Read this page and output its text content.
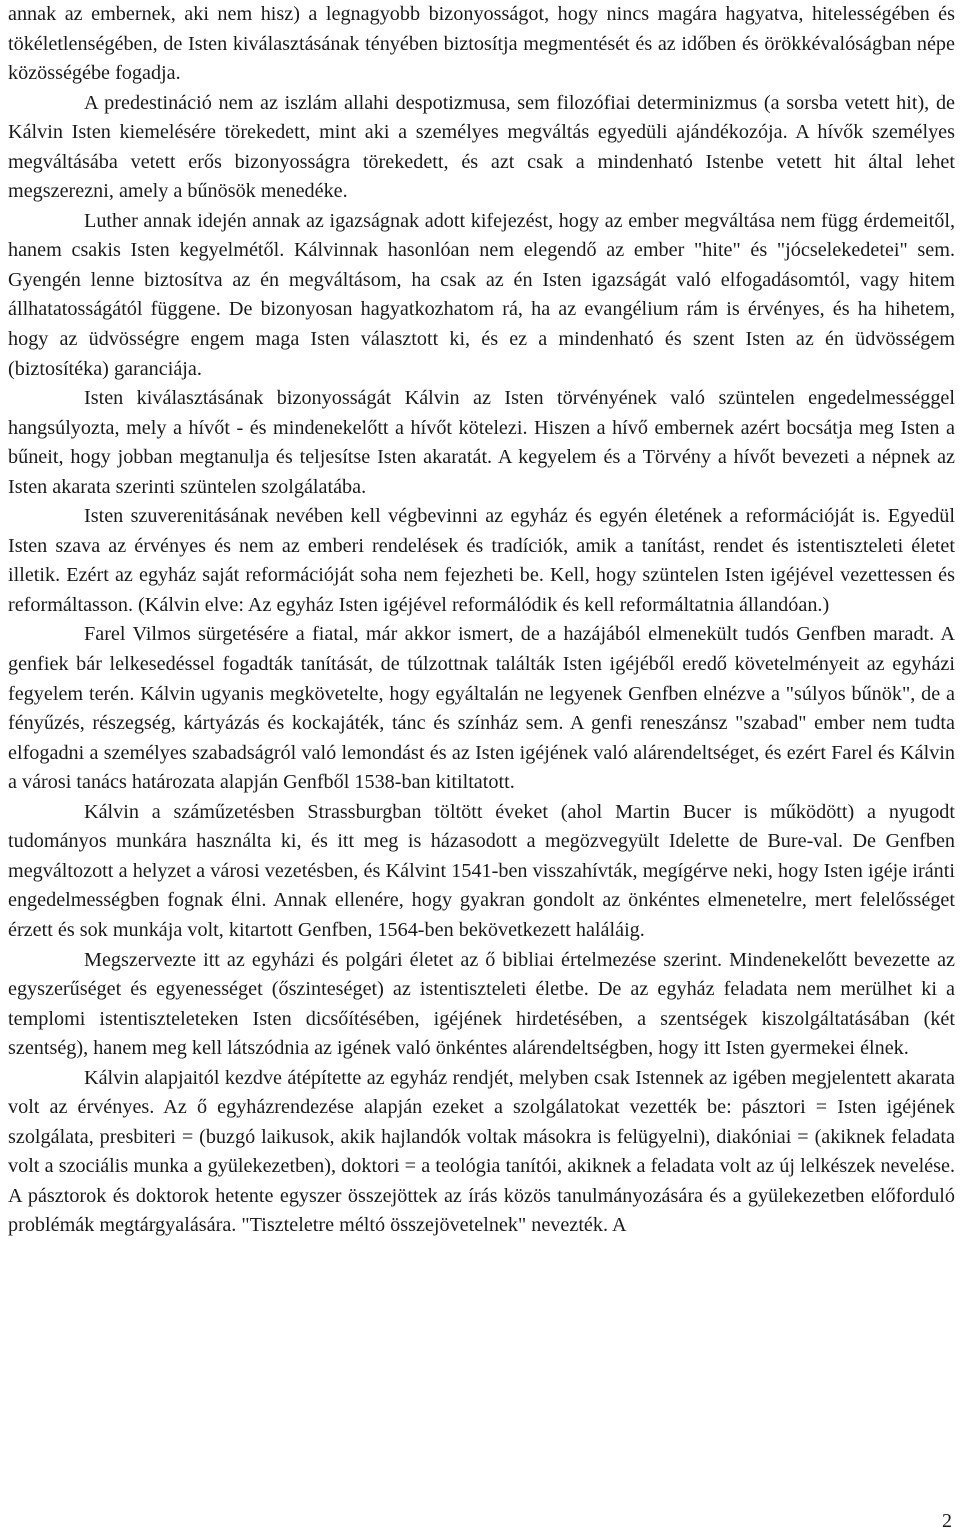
annak az embernek, aki nem hisz) a legnagyobb bizonyosságot, hogy nincs magára hagyatva, hitelességében és tökéletlenségében, de Isten kiválasztásának tényében biztosítja megmentését és az időben és örökkévalóságban népe közösségébe fogadja.

A predestináció nem az iszlám allahi despotizmusa, sem filozófiai determinizmus (a sorsba vetett hit), de Kálvin Isten kiemelésére törekedett, mint aki a személyes megváltás egyedüli ajándékozója. A hívők személyes megváltásába vetett erős bizonyosságra törekedett, és azt csak a mindenható Istenbe vetett hit által lehet megszerezni, amely a bűnösök menedéke.

Luther annak idején annak az igazságnak adott kifejezést, hogy az ember megváltása nem függ érdemeitől, hanem csakis Isten kegyelmétől. Kálvinnak hasonlóan nem elegendő az ember "hite" és "jócselekedetei" sem. Gyengén lenne biztosítva az én megváltásom, ha csak az én Isten igazságát való elfogadásomtól, vagy hitem állhatatosságától függene. De bizonyosan hagyatkozhatom rá, ha az evangélium rám is érvényes, és ha hihetem, hogy az üdvösségre engem maga Isten választott ki, és ez a mindenható és szent Isten az én üdvösségem (biztosítéka) garanciája.

Isten kiválasztásának bizonyosságát Kálvin az Isten törvényének való szüntelen engedelmességgel hangsúlyozta, mely a hívőt - és mindenekelőtt a hívőt kötelezi. Hiszen a hívő embernek azért bocsátja meg Isten a bűneit, hogy jobban megtanulja és teljesítse Isten akaratát. A kegyelem és a Törvény a hívőt bevezeti a népnek az Isten akarata szerinti szüntelen szolgálatába.

Isten szuverenitásának nevében kell végbevinni az egyház és egyén életének a reformációját is. Egyedül Isten szava az érvényes és nem az emberi rendelések és tradíciók, amik a tanítást, rendet és istentiszteleti életet illetik. Ezért az egyház saját reformációját soha nem fejezheti be. Kell, hogy szüntelen Isten igéjével vezettessen és reformáltasson. (Kálvin elve: Az egyház Isten igéjével reformálódik és kell reformáltatnia állandóan.)

Farel Vilmos sürgetésére a fiatal, már akkor ismert, de a hazájából elmenekült tudós Genfben maradt. A genfiek bár lelkesedéssel fogadták tanítását, de túlzottnak találták Isten igéjéből eredő követelményeit az egyházi fegyelem terén. Kálvin ugyanis megkövetelte, hogy egyáltalán ne legyenek Genfben elnézve a "súlyos bűnök", de a fényűzés, részegség, kártyázás és kockajáték, tánc és színház sem. A genfi reneszánsz "szabad" ember nem tudta elfogadni a személyes szabadságról való lemondást és az Isten igéjének való alárendeltséget, és ezért Farel és Kálvin a városi tanács határozata alapján Genfből 1538-ban kitiltatott.

Kálvin a száműzetésben Strassburgban töltött éveket (ahol Martin Bucer is működött) a nyugodt tudományos munkára használta ki, és itt meg is házasodott a megözvegyült Idelette de Bure-val. De Genfben megváltozott a helyzet a városi vezetésben, és Kálvint 1541-ben visszahívták, megígérve neki, hogy Isten igéje iránti engedelmességben fognak élni. Annak ellenére, hogy gyakran gondolt az önkéntes elmenetelre, mert felelősséget érzett és sok munkája volt, kitartott Genfben, 1564-ben bekövetkezett haláláig.

Megszervezte itt az egyházi és polgári életet az ő bibliai értelmezése szerint. Mindenekelőtt bevezette az egyszerűséget és egyenességet (őszinteséget) az istentiszteleti életbe. De az egyház feladata nem merülhet ki a templomi istentiszteleteken Isten dicsőítésében, igéjének hirdetésében, a szentségek kiszolgáltatásában (két szentség), hanem meg kell látszódnia az igének való önkéntes alárendeltségben, hogy itt Isten gyermekei élnek.

Kálvin alapjaitól kezdve átépítette az egyház rendjét, melyben csak Istennek az igében megjelentett akarata volt az érvényes. Az ő egyházrendezése alapján ezeket a szolgálatokat vezették be: pásztori = Isten igéjének szolgálata, presbiteri = (buzgó laikusok, akik hajlandók voltak másokra is felügyelni), diakóniai = (akiknek feladata volt a szociális munka a gyülekezetben), doktori = a teológia tanítói, akiknek a feladata volt az új lelkészek nevelése. A pásztorok és doktorok hetente egyszer összejöttek az írás közös tanulmányozására és a gyülekezetben előforduló problémák megtárgyalására. "Tiszteletre méltó összejövetelnek" nevezték. A

2
